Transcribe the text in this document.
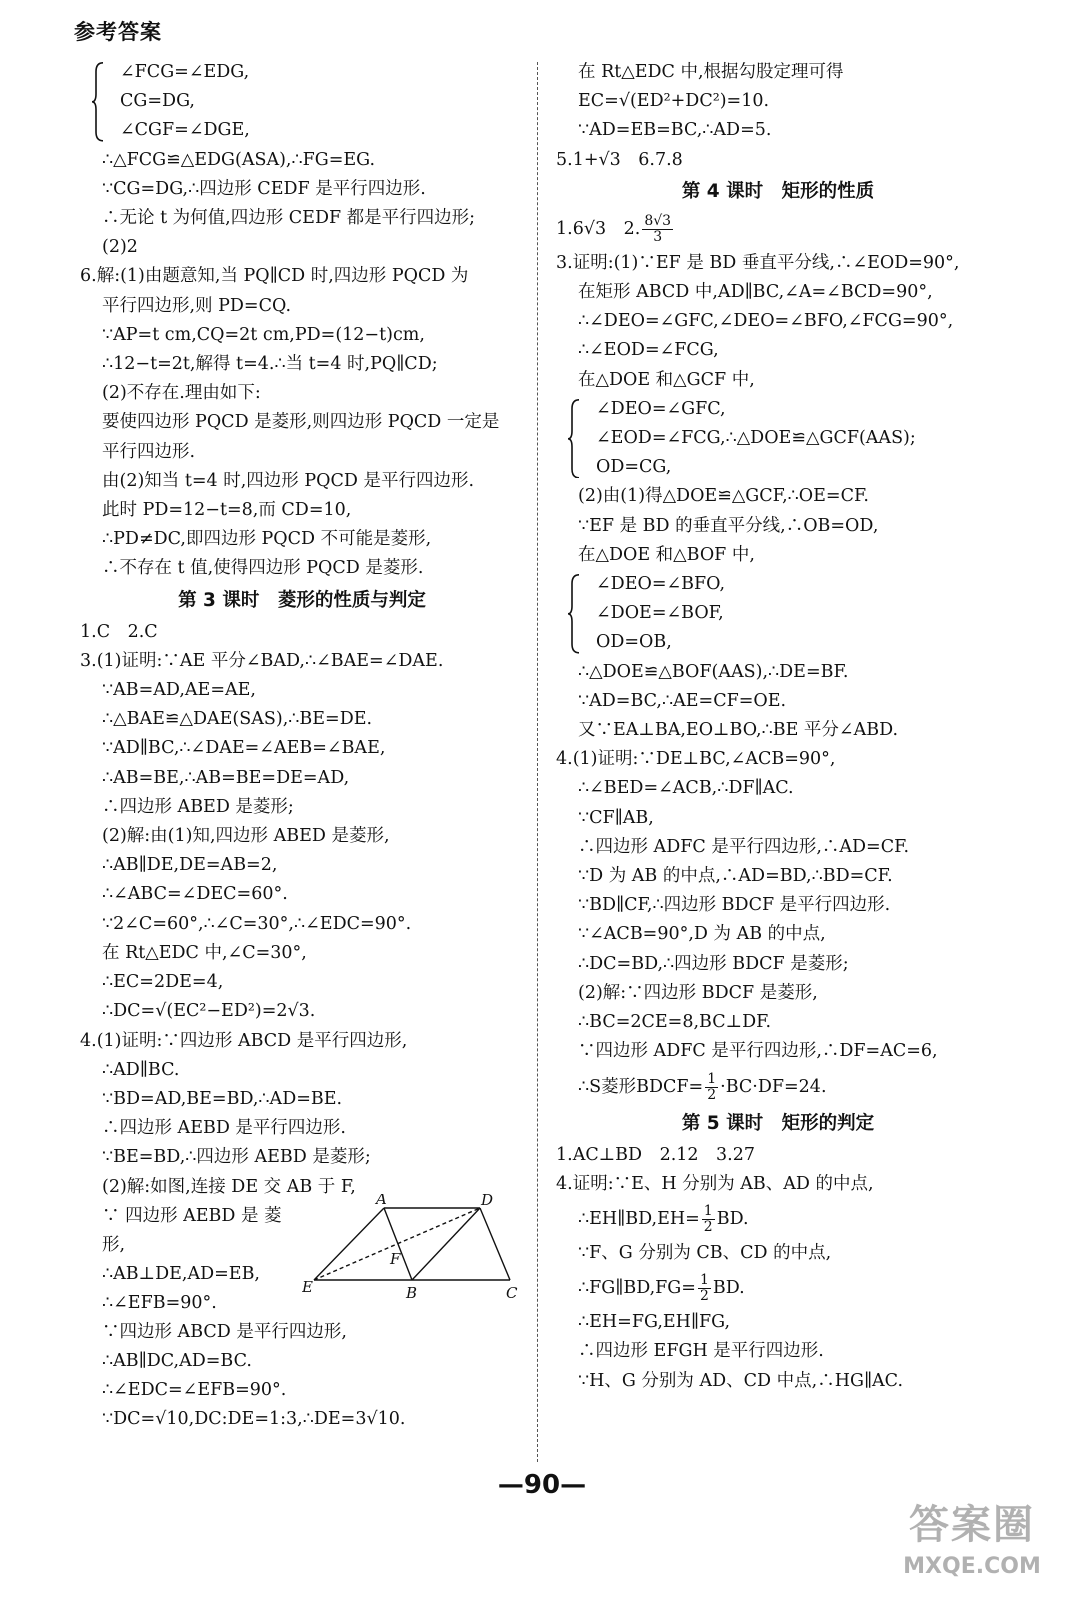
参考答案
∠FCG=∠EDG,
CG=DG,
∠CGF=∠DGE,
∴△FCG≌△EDG(ASA),∴FG=EG.
∵CG=DG,∴四边形 CEDF 是平行四边形.
∴无论 t 为何值,四边形 CEDF 都是平行四边形;
(2)2
6.解:(1)由题意知,当 PQ∥CD 时,四边形 PQCD 为
平行四边形,则 PD=CQ.
∵AP=t cm,CQ=2t cm,PD=(12−t)cm,
∴12−t=2t,解得 t=4.∴当 t=4 时,PQ∥CD;
(2)不存在.理由如下:
要使四边形 PQCD 是菱形,则四边形 PQCD 一定是
平行四边形.
由(2)知当 t=4 时,四边形 PQCD 是平行四边形.
此时 PD=12−t=8,而 CD=10,
∴PD≠DC,即四边形 PQCD 不可能是菱形,
∴不存在 t 值,使得四边形 PQCD 是菱形.
第 3 课时　菱形的性质与判定
1.C　2.C
3.(1)证明:∵AE 平分∠BAD,∴∠BAE=∠DAE.
∵AB=AD,AE=AE,
∴△BAE≌△DAE(SAS),∴BE=DE.
∵AD∥BC,∴∠DAE=∠AEB=∠BAE,
∴AB=BE,∴AB=BE=DE=AD,
∴四边形 ABED 是菱形;
(2)解:由(1)知,四边形 ABED 是菱形,
∴AB∥DE,DE=AB=2,
∴∠ABC=∠DEC=60°.
∵2∠C=60°,∴∠C=30°,∴∠EDC=90°.
在 Rt△EDC 中,∠C=30°,
∴EC=2DE=4,
∴DC=√(EC²−ED²)=2√3.
4.(1)证明:∵四边形 ABCD 是平行四边形,
∴AD∥BC.
∵BD=AD,BE=BD,∴AD=BE.
∴四边形 AEBD 是平行四边形.
∵BE=BD,∴四边形 AEBD 是菱形;
(2)解:如图,连接 DE 交 AB 于 F,
∵ 四边形 AEBD 是 菱
形,
∴AB⊥DE,AD=EB,
∴∠EFB=90°.
A	D
E
F
B	C
∵四边形 ABCD 是平行四边形,
∴AB∥DC,AD=BC.
∴∠EDC=∠EFB=90°.
∵DC=√10,DC:DE=1:3,∴DE=3√10.
在 Rt△EDC 中,根据勾股定理可得
EC=√(ED²+DC²)=10.
∵AD=EB=BC,∴AD=5.
5.1+√3　6.7.8
第 4 课时　矩形的性质
1.6√3　2. $\frac{8√3}{3}$
3.证明:(1)∵EF 是 BD 垂直平分线,∴∠EOD=90°,
在矩形 ABCD 中,AD∥BC,∠A=∠BCD=90°,
∴∠DEO=∠GFC,∠DEO=∠BFO,∠FCG=90°,
∴∠EOD=∠FCG,
在△DOE 和△GCF 中,
∠DEO=∠GFC,
∠EOD=∠FCG,∴△DOE≌△GCF(AAS);
OD=CG,
(2)由(1)得△DOE≌△GCF,∴OE=CF.
∵EF 是 BD 的垂直平分线,∴OB=OD,
在△DOE 和△BOF 中,
∠DEO=∠BFO,
∠DOE=∠BOF,
OD=OB,
∴△DOE≌△BOF(AAS),∴DE=BF.
∵AD=BC,∴AE=CF=OE.
又∵EA⊥BA,EO⊥BO,∴BE 平分∠ABD.
4.(1)证明:∵DE⊥BC,∠ACB=90°,
∴∠BED=∠ACB,∴DF∥AC.
∵CF∥AB,
∴四边形 ADFC 是平行四边形,∴AD=CF.
∵D 为 AB 的中点,∴AD=BD,∴BD=CF.
∵BD∥CF,∴四边形 BDCF 是平行四边形.
∵∠ACB=90°,D 为 AB 的中点,
∴DC=BD,∴四边形 BDCF 是菱形;
(2)解:∵四边形 BDCF 是菱形,
∴BC=2CE=8,BC⊥DF.
∵四边形 ADFC 是平行四边形,∴DF=AC=6,
∴S菱形BDCF= $\frac{1}{2} \cdot BC\cdot DF=24$.
第 5 课时　矩形的判定
1.AC⊥BD　2.12　3.27
4.证明:∵E、H 分别为 AB、AD 的中点,
∴EH∥BD,EH= $\frac{1}{2}$ BD.
∵F、G 分别为 CB、CD 的中点,
∴FG∥BD,FG= $\frac{1}{2}$ BD.
∴EH=FG,EH∥FG,
∴四边形 EFGH 是平行四边形.
∵H、G 分别为 AD、CD 中点,∴HG∥AC.
—90—
答案圈
MXQE.COM
